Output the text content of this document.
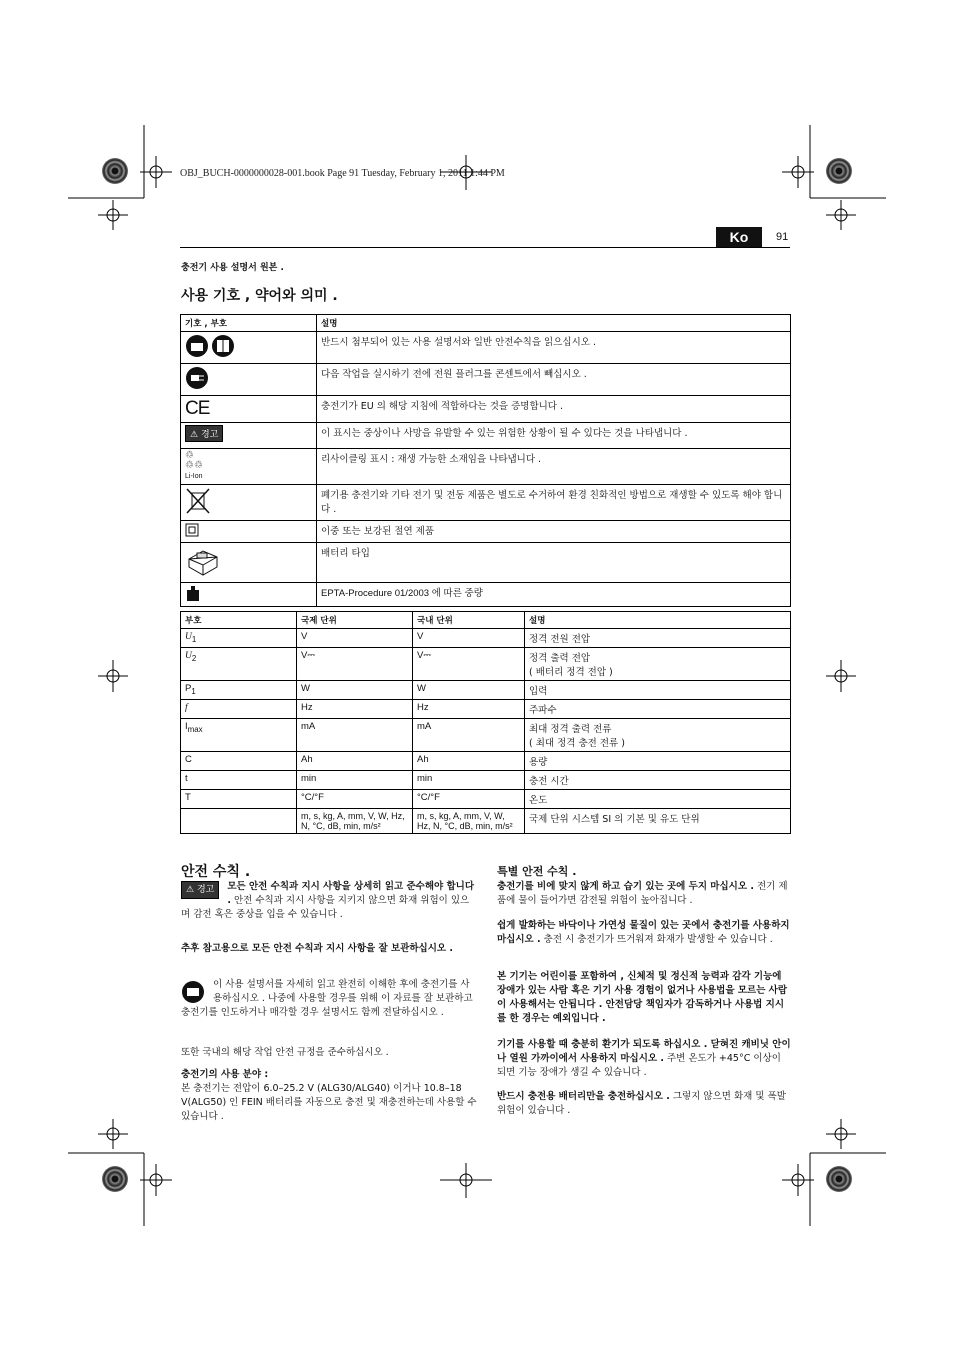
OBJ_BUCH-0000000028-001.book Page 91 Tuesday, February 1, 2011 1:44 PM
Ko	91
충전기 사용 설명서 원본 .
사용 기호 , 약어와 의미 .
기호 , 부호	설명
	반드시 첨부되어 있는 사용 설명서와 일반 안전수칙을 읽으십시오 .
	다음 작업을 실시하기 전에 전원 플러그를 콘센트에서 빼십시오 .
CE	충전기가 EU 의 해당 지침에 적합하다는 것을 증명합니다 .
⚠ 경고	이 표시는 중상이나 사망을 유발할 수 있는 위험한 상황이 될 수 있다는 것을 나타냅니다 .

♲
♲♲
Li-Ion	리사이클링 표시 : 재생 가능한 소재임을 나타냅니다 .
	폐기용 충전기와 기타 전기 및 전동 제품은 별도로 수거하여 환경 친화적인 방법으로 재생할 수 있도록 해야 합니다 .
	이중 또는 보강된 절연 제품
	배터리 타입
	EPTA-Procedure 01/2003 에 따른 중량
부호	국제 단위	국내 단위	설명
$U_1$	V	V	정격 전원 전압

$U_2$	V⎓	V⎓	정격 출력 전압
( 배터리 정격 전압 )

$P_1$	W	W	입력

f	Hz	Hz	주파수

$I_{max}$	mA	mA	최대 정격 출력 전류
( 최대 정격 충전 전류 )

C	Ah	Ah	용량

t	min	min	충전 시간

T	°C/°F	°C/°F	온도

	m, s, kg, A, mm, V, W, Hz, N, °C, dB, min, m/s²	m, s, kg, A, mm, V, W, Hz, N, °C, dB, min, m/s²	국제 단위 시스템 SI 의 기본 및 유도 단위
안전 수칙 .
⚠ 경고	모든 안전 수칙과 지시 사항을 상세히 읽고 준수해야 합니다 . 안전 수칙과 지시 사항을 지키지 않으면 화재 위험이 있으며 감전 혹은 중상을 입을 수 있습니다 .
추후 참고용으로 모든 안전 수칙과 지시 사항을 잘 보관하십시오 .
이 사용 설명서를 자세히 읽고 완전히 이해한 후에 충전기를 사용하십시오 . 나중에 사용할 경우를 위해 이 자료를 잘 보관하고 충전기를 인도하거나 매각할 경우 설명서도 함께 전달하십시오 .
또한 국내의 해당 작업 안전 규정을 준수하십시오 .
충전기의 사용 분야 :
본 충전기는 전압이 6.0–25.2 V (ALG30/ALG40) 이거나 10.8–18 V(ALG50) 인 FEIN 배터리를 자동으로 충전 및 재충전하는데 사용할 수 있습니다 .
특별 안전 수칙 .
충전기를 비에 맞지 않게 하고 습기 있는 곳에 두지 마십시오 . 전기 제품에 물이 들어가면 감전될 위험이 높아집니다 .
쉽게 발화하는 바닥이나 가연성 물질이 있는 곳에서 충전기를 사용하지 마십시오 . 충전 시 충전기가 뜨거워져 화재가 발생할 수 있습니다 .
본 기기는 어린이를 포함하여 , 신체적 및 정신적 능력과 감각 기능에 장애가 있는 사람 혹은 기기 사용 경험이 없거나 사용법을 모르는 사람이 사용해서는 안됩니다 . 안전담당 책임자가 감독하거나 사용법 지시를 한 경우는 예외입니다 .
기기를 사용할 때 충분히 환기가 되도록 하십시오 . 닫혀진 캐비닛 안이나 열원 가까이에서 사용하지 마십시오 . 주변 온도가 +45°C 이상이 되면 기능 장애가 생길 수 있습니다 .
반드시 충전용 배터리만을 충전하십시오 . 그렇지 않으면 화재 및 폭발 위험이 있습니다 .
